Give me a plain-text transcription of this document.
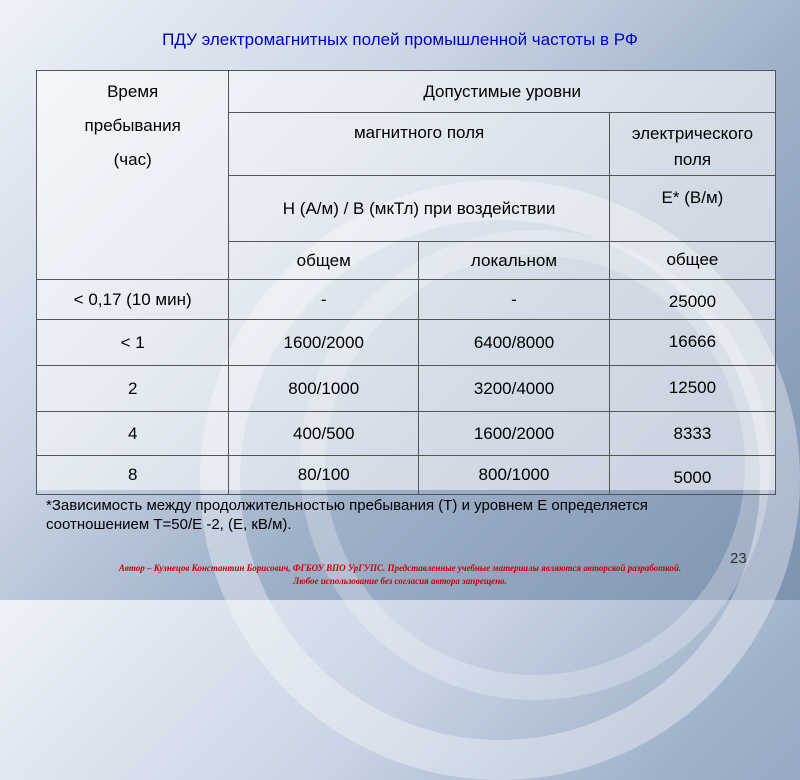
ПДУ электромагнитных полей промышленной частоты в РФ
Время
пребывания
(час)	Допустимые уровни		
	магнитного поля		электрического поля
	Н (А/м) / В (мкТл) при воздействии		Е* (В/м)
	общем	локальном	общее
< 0,17 (10 мин)	-	-	25000
< 1	1600/2000	6400/8000	16666
2	800/1000	3200/4000	12500
4	400/500	1600/2000	8333
8	80/100	800/1000	5000
*Зависимость между продолжительностью пребывания (Т) и уровнем Е определяется
соотношением Т=50/Е -2, (Е, кВ/м).
23
Автор – Кузнецов Константин Борисович, ФГБОУ ВПО УрГУПС. Представленные учебные материалы являются авторской разработкой.
Любое использование без согласия автора запрещено.
